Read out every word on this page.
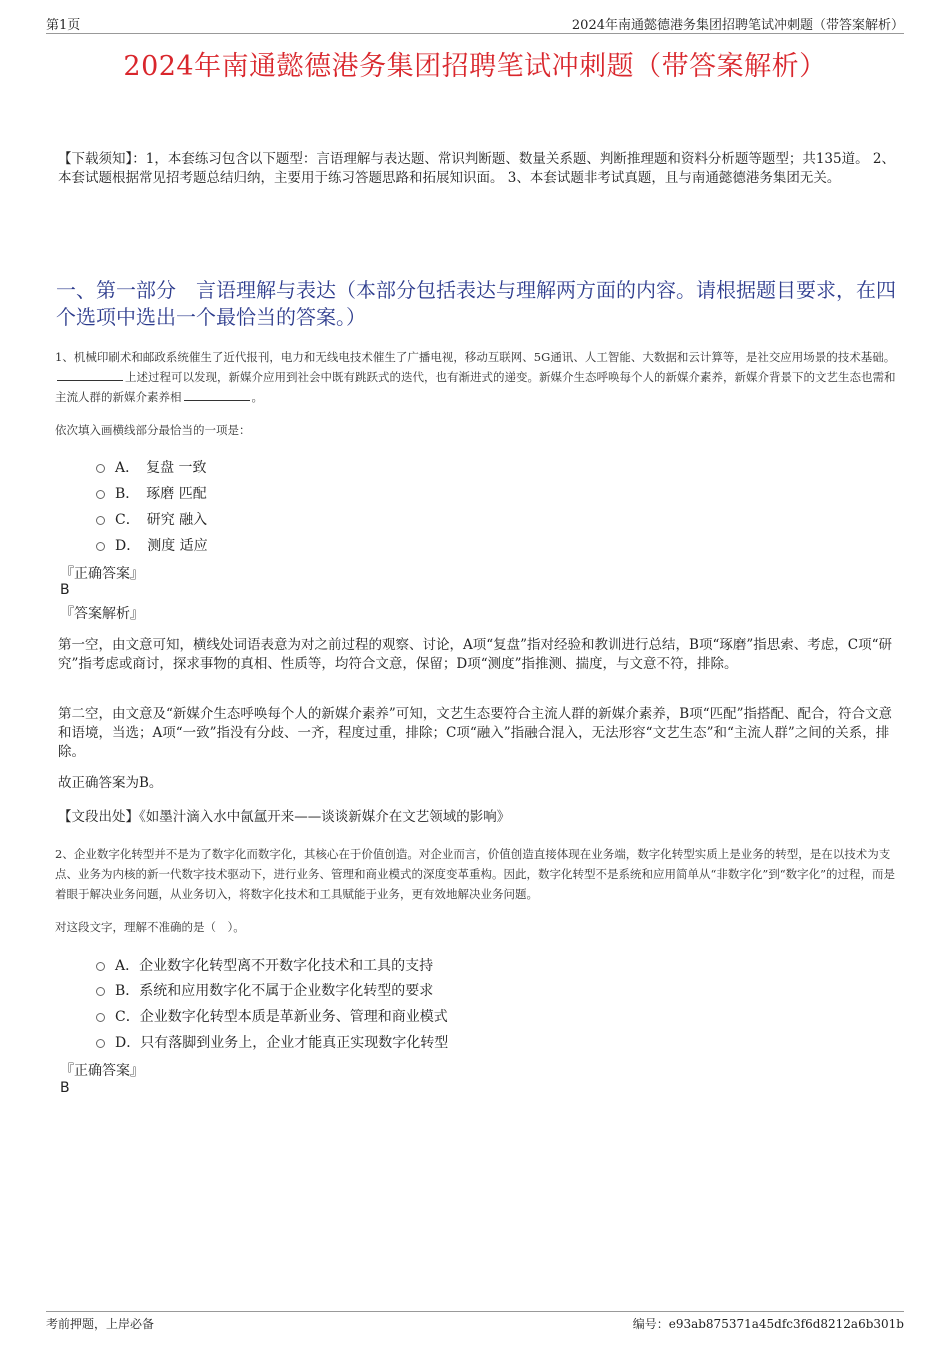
第1页	2024年南通懿德港务集团招聘笔试冲刺题（带答案解析）
2024年南通懿德港务集团招聘笔试冲刺题（带答案解析）
【下载须知】：1，本套练习包含以下题型：言语理解与表达题、常识判断题、数量关系题、判断推理题和资料分析题等题型；共135道。 2、本套试题根据常见招考题总结归纳，主要用于练习答题思路和拓展知识面。 3、本套试题非考试真题，且与南通懿德港务集团无关。
一、第一部分　言语理解与表达（本部分包括表达与理解两方面的内容。请根据题目要求，在四个选项中选出一个最恰当的答案。）
1、机械印刷术和邮政系统催生了近代报刊，电力和无线电技术催生了广播电视，移动互联网、5G通讯、人工智能、大数据和云计算等，是社交应用场景的技术基础。上述过程可以发现，新媒介应用到社会中既有跳跃式的迭代，也有渐进式的递变。新媒介生态呼唤每个人的新媒介素养，新媒介背景下的文艺生态也需和主流人群的新媒介素养相	。
依次填入画横线部分最恰当的一项是：
A．　复盘 一致
B．　琢磨 匹配
C．　研究 融入
D．　测度 适应
『正确答案』
B
『答案解析』
第一空，由文意可知，横线处词语表意为对之前过程的观察、讨论，A项“复盘”指对经验和教训进行总结，B项“琢磨”指思索、考虑，C项“研究”指考虑或商讨，探求事物的真相、性质等，均符合文意，保留；D项“测度”指推测、揣度，与文意不符，排除。
第二空，由文意及“新媒介生态呼唤每个人的新媒介素养”可知，文艺生态要符合主流人群的新媒介素养，B项“匹配”指搭配、配合，符合文意和语境，当选；A项“一致”指没有分歧、一齐，程度过重，排除；C项“融入”指融合混入，无法形容“文艺生态”和“主流人群”之间的关系，排除。
故正确答案为B。
【文段出处】《如墨汁滴入水中氤氲开来——谈谈新媒介在文艺领域的影响》
2、企业数字化转型并不是为了数字化而数字化，其核心在于价值创造。对企业而言，价值创造直接体现在业务端，数字化转型实质上是业务的转型，是在以技术为支点、业务为内核的新一代数字技术驱动下，进行业务、管理和商业模式的深度变革重构。因此，数字化转型不是系统和应用简单从“非数字化”到“数字化”的过程，而是着眼于解决业务问题，从业务切入，将数字化技术和工具赋能于业务，更有效地解决业务问题。
对这段文字，理解不准确的是（　）。
A．企业数字化转型离不开数字化技术和工具的支持
B．系统和应用数字化不属于企业数字化转型的要求
C．企业数字化转型本质是革新业务、管理和商业模式
D．只有落脚到业务上，企业才能真正实现数字化转型
『正确答案』
B
考前押题，上岸必备	编号：e93ab875371a45dfc3f6d8212a6b301b
